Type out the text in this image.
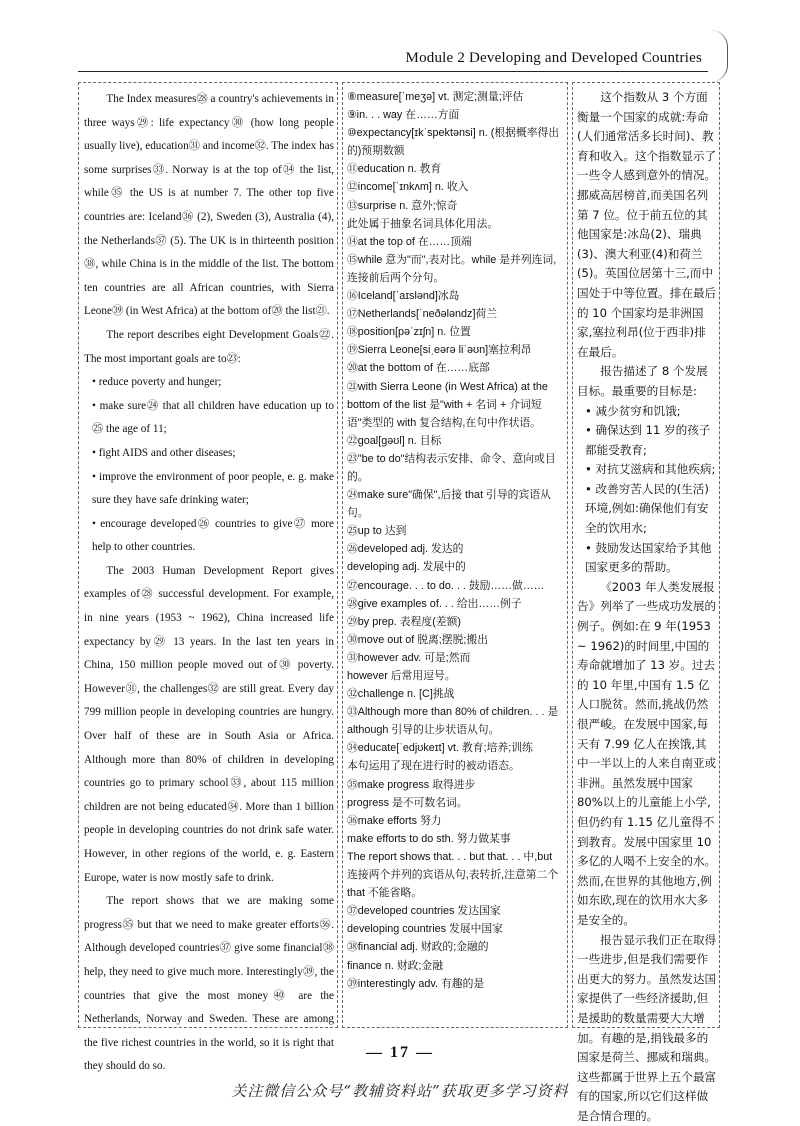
Module 2 Developing and Developed Countries

The Index measures㉘ a country's achievements in three ways㉙: life expectancy㉚ (how long people usually live), education㉛ and income㉜. The index has some surprises㉝. Norway is at the top of㉞ the list, while㉟ the US is at number 7. The other top five countries are: Iceland㊱ (2), Sweden (3), Australia (4), the Netherlands㊲ (5). The UK is in thirteenth position㊳, while China is in the middle of the list. The bottom ten countries are all African countries, with Sierra Leone㊴ (in West Africa) at the bottom of⑳ the list㉑.

The report describes eight Development Goals㉒. The most important goals are to㉓:

• reduce poverty and hunger;

• make sure㉔ that all children have education up to㉕ the age of 11;

• fight AIDS and other diseases;

• improve the environment of poor people, e. g. make sure they have safe drinking water;

• encourage developed㉖ countries to give㉗ more help to other countries.

The 2003 Human Development Report gives examples of㉘ successful development. For example, in nine years (1953 ~ 1962), China increased life expectancy by㉙ 13 years. In the last ten years in China, 150 million people moved out of㉚ poverty. However㉛, the challenges㉜ are still great. Every day 799 million people in developing countries are hungry. Over half of these are in South Asia or Africa. Although more than 80% of children in developing countries go to primary school㉝, about 115 million children are not being educated㉞. More than 1 billion people in developing countries do not drink safe water. However, in other regions of the world, e. g. Eastern Europe, water is now mostly safe to drink.

The report shows that we are making some progress㉟ but that we need to make greater efforts㊱. Although developed countries㊲ give some financial㊳ help, they need to give much more. Interestingly㊴, the countries that give the most money㊵ are the Netherlands, Norway and Sweden. These are among the five richest countries in the world, so it is right that they should do so.

⑧measure[ˈmeʒə] vt. 测定;测量;评估

⑨in. . . way 在……方面

⑩expectancy[ɪkˈspektənsi] n. (根据概率得出的)预期数额

⑪education n. 教育

⑫income[ˈɪnkʌm] n. 收入

⑬surprise n. 意外;惊奇

此处属于抽象名词具体化用法。

⑭at the top of 在……顶端

⑮while 意为"而",表对比。while 是并列连词,连接前后两个分句。

⑯Iceland[ˈaɪslənd]冰岛

⑰Netherlands[ˈneðələndz]荷兰

⑱position[pəˈzɪʃn] n. 位置

⑲Sierra Leone[siˌeərə liˈəʊn]塞拉利昂

⑳at the bottom of 在……底部

㉑with Sierra Leone (in West Africa) at the bottom of the list 是"with + 名词 + 介词短语"类型的 with 复合结构,在句中作状语。

㉒goal[ɡəʊl] n. 目标

㉓"be to do"结构表示安排、命令、意向或目的。

㉔make sure"确保",后接 that 引导的宾语从句。

㉕up to 达到

㉖developed adj. 发达的

developing adj. 发展中的

㉗encourage. . . to do. . . 鼓励……做……

㉘give examples of. . . 给出……例子

㉙by prep. 表程度(差额)

㉚move out of 脱离;摆脱;搬出

㉛however adv. 可是;然而

however 后常用逗号。

㉜challenge n. [C]挑战

㉝Although more than 80% of children. . . 是 although 引导的让步状语从句。

㉞educate[ˈedjʊkeɪt] vt. 教育;培养;训练

本句运用了现在进行时的被动语态。

㉟make progress 取得进步

progress 是不可数名词。

㊱make efforts 努力

make efforts to do sth. 努力做某事

The report shows that. . . but that. . . 中,but 连接两个并列的宾语从句,表转折,注意第二个 that 不能省略。

㊲developed countries 发达国家

developing countries 发展中国家

㊳financial adj. 财政的;金融的

finance n. 财政;金融

㊴interestingly adv. 有趣的是

这个指数从 3 个方面衡量一个国家的成就:寿命(人们通常活多长时间)、教育和收入。这个指数显示了一些令人感到意外的情况。挪威高居榜首,而美国名列第 7 位。位于前五位的其他国家是:冰岛(2)、瑞典(3)、澳大利亚(4)和荷兰(5)。英国位居第十三,而中国处于中等位置。排在最后的 10 个国家均是非洲国家,塞拉利昂(位于西非)排在最后。

报告描述了 8 个发展目标。最重要的目标是:

• 减少贫穷和饥饿;

• 确保达到 11 岁的孩子都能受教育;

• 对抗艾滋病和其他疾病;

• 改善穷苦人民的(生活)环境,例如:确保他们有安全的饮用水;

• 鼓励发达国家给予其他国家更多的帮助。

《2003 年人类发展报告》列举了一些成功发展的例子。例如:在 9 年(1953 ~ 1962)的时间里,中国的寿命就增加了 13 岁。过去的 10 年里,中国有 1.5 亿人口脱贫。然而,挑战仍然很严峻。在发展中国家,每天有 7.99 亿人在挨饿,其中一半以上的人来自南亚或非洲。虽然发展中国家 80%以上的儿童能上小学,但仍约有 1.15 亿儿童得不到教育。发展中国家里 10 多亿的人喝不上安全的水。然而,在世界的其他地方,例如东欧,现在的饮用水大多是安全的。

报告显示我们正在取得一些进步,但是我们需要作出更大的努力。虽然发达国家提供了一些经济援助,但是援助的数量需要大大增加。有趣的是,捐钱最多的国家是荷兰、挪威和瑞典。这些都属于世界上五个最富有的国家,所以它们这样做是合情合理的。

— 17 —
关注微信公众号“教辅资料站”获取更多学习资料
